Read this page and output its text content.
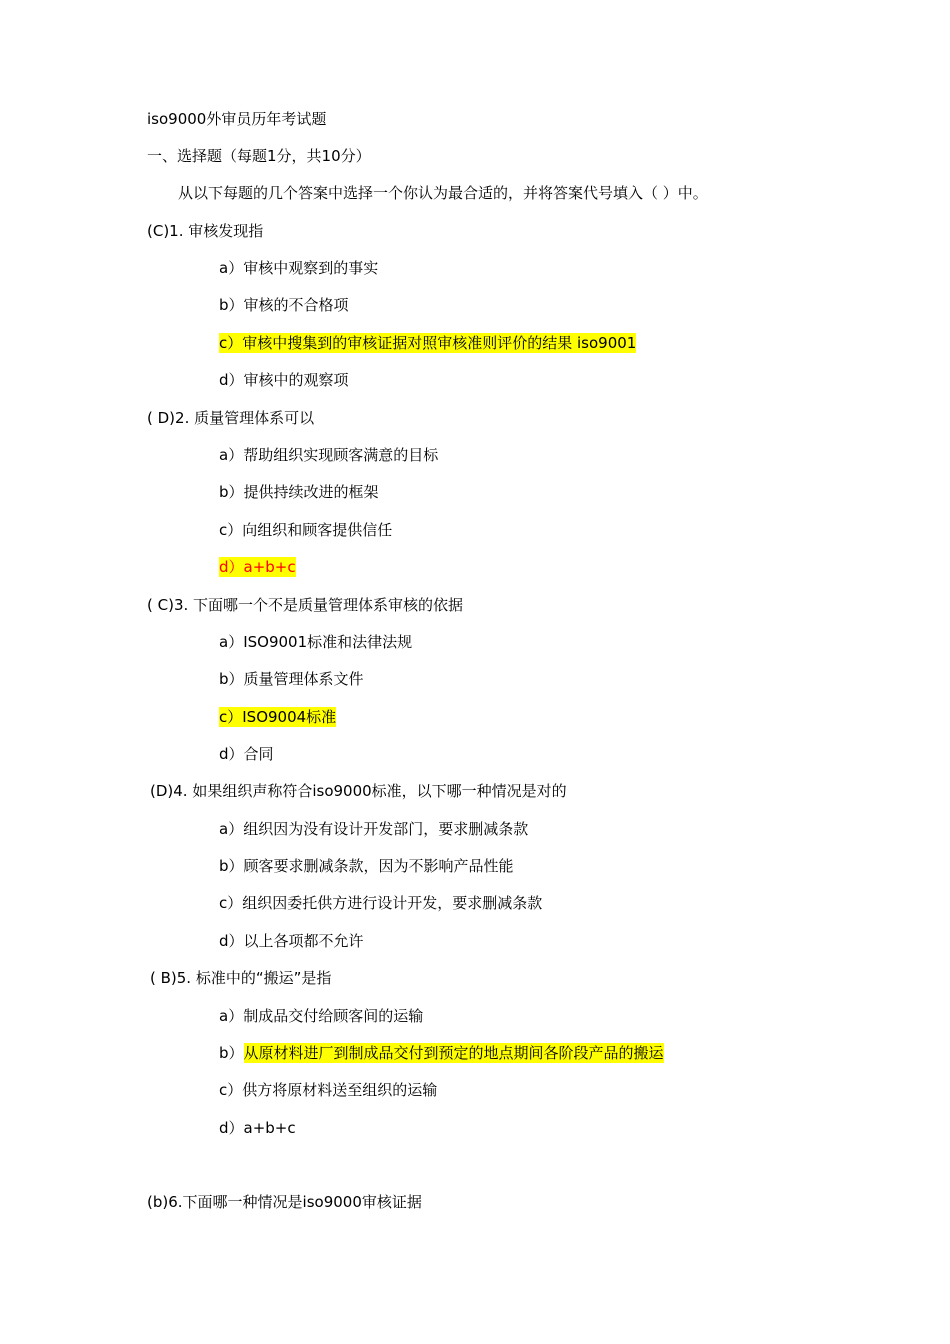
iso9000外审员历年考试题
一、选择题（每题1分，共10分）
从以下每题的几个答案中选择一个你认为最合适的，并将答案代号填入（ ）中。
(C)1. 审核发现指
a）审核中观察到的事实
b）审核的不合格项
c）审核中搜集到的审核证据对照审核准则评价的结果 iso9001
d）审核中的观察项
( D)2. 质量管理体系可以
a）帮助组织实现顾客满意的目标
b）提供持续改进的框架
c）向组织和顾客提供信任
d）a+b+c
( C)3. 下面哪一个不是质量管理体系审核的依据
a）ISO9001标准和法律法规
b）质量管理体系文件
c）ISO9004标准
d）合同
(D)4. 如果组织声称符合iso9000标准，以下哪一种情况是对的
a）组织因为没有设计开发部门，要求删减条款
b）顾客要求删减条款，因为不影响产品性能
c）组织因委托供方进行设计开发，要求删减条款
d）以上各项都不允许
( B)5. 标准中的“搬运”是指
a）制成品交付给顾客间的运输
b）从原材料进厂到制成品交付到预定的地点期间各阶段产品的搬运
c）供方将原材料送至组织的运输
d）a+b+c
(b)6.下面哪一种情况是iso9000审核证据
